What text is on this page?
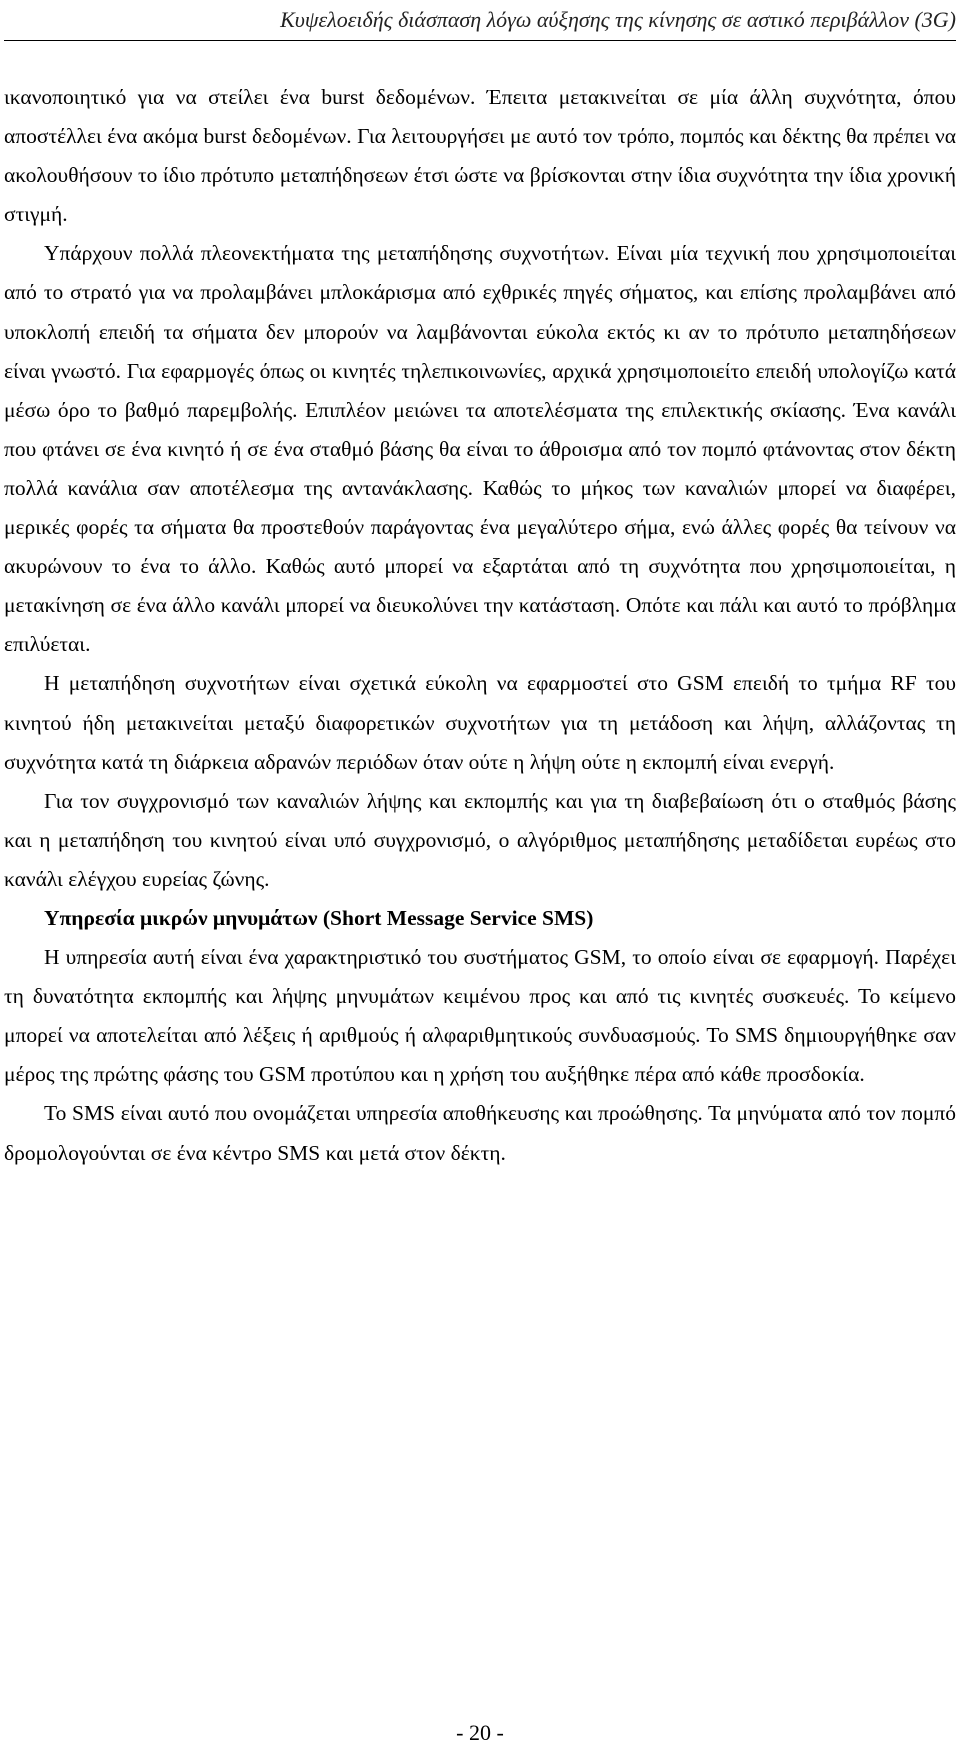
Κυψελοειδής διάσπαση λόγω αύξησης της κίνησης σε αστικό περιβάλλον (3G)

ικανοποιητικό για να στείλει ένα burst δεδομένων. Έπειτα μετακινείται σε μία άλλη συχνότητα, όπου αποστέλλει ένα ακόμα burst δεδομένων. Για λειτουργήσει με αυτό τον τρόπο, πομπός και δέκτης θα πρέπει να ακολουθήσουν το ίδιο πρότυπο μεταπήδησεων έτσι ώστε να βρίσκονται στην ίδια συχνότητα την ίδια χρονική στιγμή.

Υπάρχουν πολλά πλεονεκτήματα της μεταπήδησης συχνοτήτων. Είναι μία τεχνική που χρησιμοποιείται από το στρατό για να προλαμβάνει μπλοκάρισμα από εχθρικές πηγές σήματος, και επίσης προλαμβάνει από υποκλοπή επειδή τα σήματα δεν μπορούν να λαμβάνονται εύκολα εκτός κι αν το πρότυπο μεταπηδήσεων είναι γνωστό. Για εφαρμογές όπως οι κινητές τηλεπικοινωνίες, αρχικά χρησιμοποιείτο επειδή υπολογίζω κατά μέσω όρο το βαθμό παρεμβολής. Επιπλέον μειώνει τα αποτελέσματα της επιλεκτικής σκίασης. Ένα κανάλι που φτάνει σε ένα κινητό ή σε ένα σταθμό βάσης θα είναι το άθροισμα από τον πομπό φτάνοντας στον δέκτη πολλά κανάλια σαν αποτέλεσμα της αντανάκλασης. Καθώς το μήκος των καναλιών μπορεί να διαφέρει, μερικές φορές τα σήματα θα προστεθούν παράγοντας ένα μεγαλύτερο σήμα, ενώ άλλες φορές θα τείνουν να ακυρώνουν το ένα το άλλο. Καθώς αυτό μπορεί να εξαρτάται από τη συχνότητα που χρησιμοποιείται, η μετακίνηση σε ένα άλλο κανάλι μπορεί να διευκολύνει την κατάσταση. Οπότε και πάλι και αυτό το πρόβλημα επιλύεται.

Η μεταπήδηση συχνοτήτων είναι σχετικά εύκολη να εφαρμοστεί στο GSM επειδή το τμήμα RF του κινητού ήδη μετακινείται μεταξύ διαφορετικών συχνοτήτων για τη μετάδοση και λήψη, αλλάζοντας τη συχνότητα κατά τη διάρκεια αδρανών περιόδων όταν ούτε η λήψη ούτε η εκπομπή είναι ενεργή.

Για τον συγχρονισμό των καναλιών λήψης και εκπομπής και για τη διαβεβαίωση ότι ο σταθμός βάσης και η μεταπήδηση του κινητού είναι υπό συγχρονισμό, ο αλγόριθμος μεταπήδησης μεταδίδεται ευρέως στο κανάλι ελέγχου ευρείας ζώνης.

Υπηρεσία μικρών μηνυμάτων (Short Message Service SMS)

Η υπηρεσία αυτή είναι ένα χαρακτηριστικό του συστήματος GSM, το οποίο είναι σε εφαρμογή. Παρέχει τη δυνατότητα εκπομπής και λήψης μηνυμάτων κειμένου προς και από τις κινητές συσκευές. Το κείμενο μπορεί να αποτελείται από λέξεις ή αριθμούς ή αλφαριθμητικούς συνδυασμούς. Το SMS δημιουργήθηκε σαν μέρος της πρώτης φάσης του GSM προτύπου και η χρήση του αυξήθηκε πέρα από κάθε προσδοκία.

Το SMS είναι αυτό που ονομάζεται υπηρεσία αποθήκευσης και προώθησης. Τα μηνύματα από τον πομπό δρομολογούνται σε ένα κέντρο SMS και μετά στον δέκτη.

- 20 -
